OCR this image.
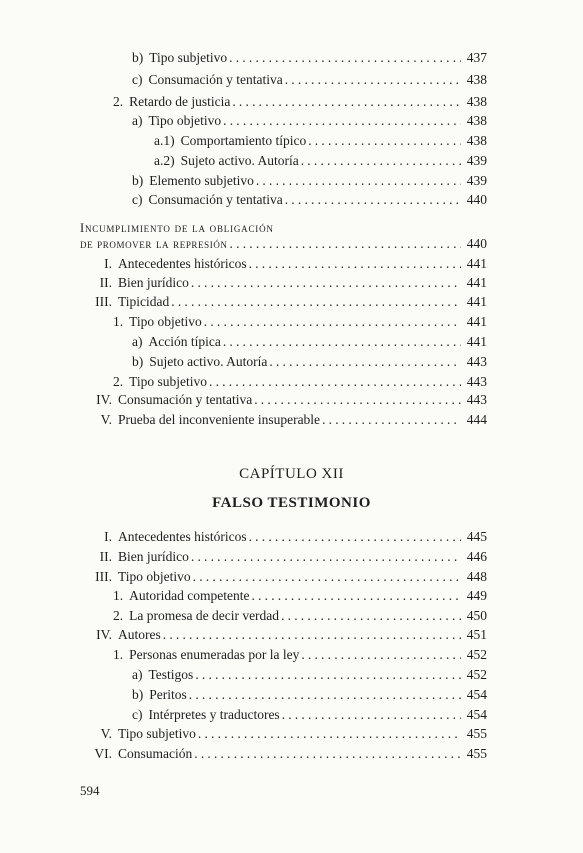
b) Tipo subjetivo .....	437
c) Consumación y tentativa .....	438
2. Retardo de justicia .....	438
a) Tipo objetivo .....	438
a.1) Comportamiento típico .....	438
a.2) Sujeto activo. Autoría .....	439
b) Elemento subjetivo .....	439
c) Consumación y tentativa .....	440
Incumplimiento de la obligación
de promover la represión .....	440
I. Antecedentes históricos .....	441
II. Bien jurídico .....	441
III. Tipicidad .....	441
1. Tipo objetivo .....	441
a) Acción típica .....	441
b) Sujeto activo. Autoría .....	443
2. Tipo subjetivo .....	443
IV. Consumación y tentativa .....	443
V. Prueba del inconveniente insuperable .....	444
CAPÍTULO XII
FALSO TESTIMONIO
I. Antecedentes históricos .....	445
II. Bien jurídico .....	446
III. Tipo objetivo .....	448
1. Autoridad competente .....	449
2. La promesa de decir verdad .....	450
IV. Autores .....	451
1. Personas enumeradas por la ley .....	452
a) Testigos .....	452
b) Peritos .....	454
c) Intérpretes y traductores .....	454
V. Tipo subjetivo .....	455
VI. Consumación .....	455
594
